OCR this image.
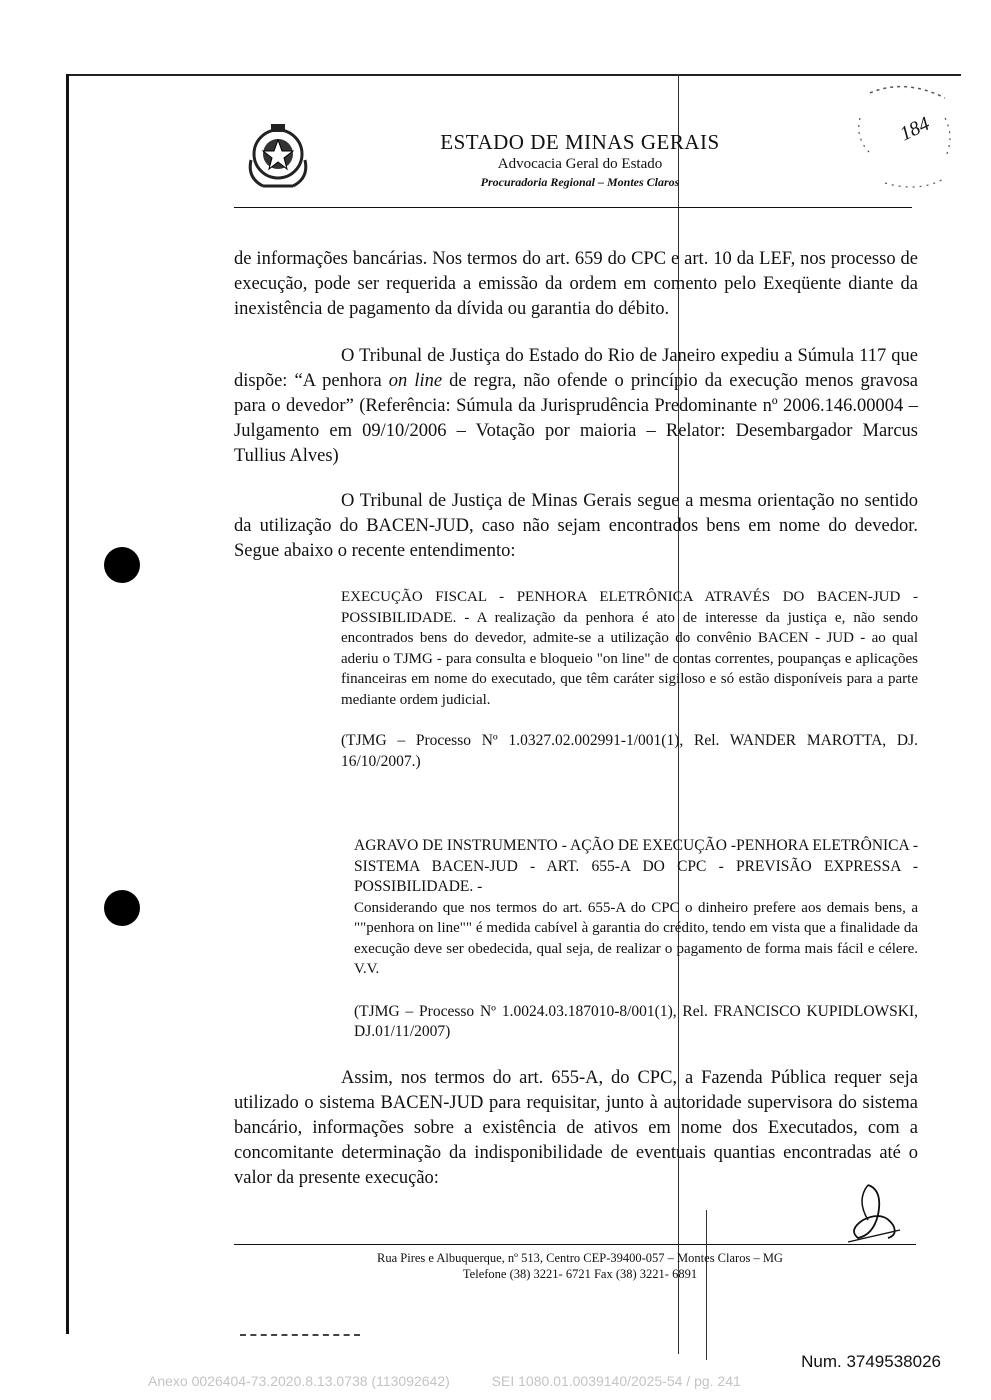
ESTADO DE MINAS GERAIS
Advocacia Geral do Estado
Procuradoria Regional – Montes Claros
184

de informações bancárias. Nos termos do art. 659 do CPC e art. 10 da LEF, nos processo de execução, pode ser requerida a emissão da ordem em comento pelo Exeqüente diante da inexistência de pagamento da dívida ou garantia do débito.

O Tribunal de Justiça do Estado do Rio de Janeiro expediu a Súmula 117 que dispõe: “A penhora on line de regra, não ofende o princípio da execução menos gravosa para o devedor” (Referência: Súmula da Jurisprudência Predominante nº 2006.146.00004 – Julgamento em 09/10/2006 – Votação por maioria – Relator: Desembargador Marcus Tullius Alves)

O Tribunal de Justiça de Minas Gerais segue a mesma orientação no sentido da utilização do BACEN-JUD, caso não sejam encontrados bens em nome do devedor. Segue abaixo o recente entendimento:

EXECUÇÃO FISCAL - PENHORA ELETRÔNICA ATRAVÉS DO BACEN-JUD - POSSIBILIDADE. - A realização da penhora é ato de interesse da justiça e, não sendo encontrados bens do devedor, admite-se a utilização do convênio BACEN - JUD - ao qual aderiu o TJMG - para consulta e bloqueio "on line" de contas correntes, poupanças e aplicações financeiras em nome do executado, que têm caráter sigiloso e só estão disponíveis para a parte mediante ordem judicial.

(TJMG – Processo Nº 1.0327.02.002991-1/001(1), Rel. WANDER MAROTTA, DJ. 16/10/2007.)

AGRAVO DE INSTRUMENTO - AÇÃO DE EXECUÇÃO -PENHORA ELETRÔNICA - SISTEMA BACEN-JUD - ART. 655-A DO CPC - PREVISÃO EXPRESSA - POSSIBILIDADE. -

Considerando que nos termos do art. 655-A do CPC o dinheiro prefere aos demais bens, a ""penhora on line"" é medida cabível à garantia do crédito, tendo em vista que a finalidade da execução deve ser obedecida, qual seja, de realizar o pagamento de forma mais fácil e célere. V.V.

(TJMG – Processo Nº 1.0024.03.187010-8/001(1), Rel. FRANCISCO KUPIDLOWSKI, DJ.01/11/2007)

Assim, nos termos do art. 655-A, do CPC, a Fazenda Pública requer seja utilizado o sistema BACEN-JUD para requisitar, junto à autoridade supervisora do sistema bancário, informações sobre a existência de ativos em nome dos Executados, com a concomitante determinação da indisponibilidade de eventuais quantias encontradas até o valor da presente execução:

Rua Pires e Albuquerque, nº 513, Centro CEP-39400-057 – Montes Claros – MG
Telefone (38) 3221- 6721 Fax (38) 3221- 6891
Num. 3749538026
Anexo 0026404-73.2020.8.13.0738 (113092642)	SEI 1080.01.0039140/2025-54 / pg. 241
